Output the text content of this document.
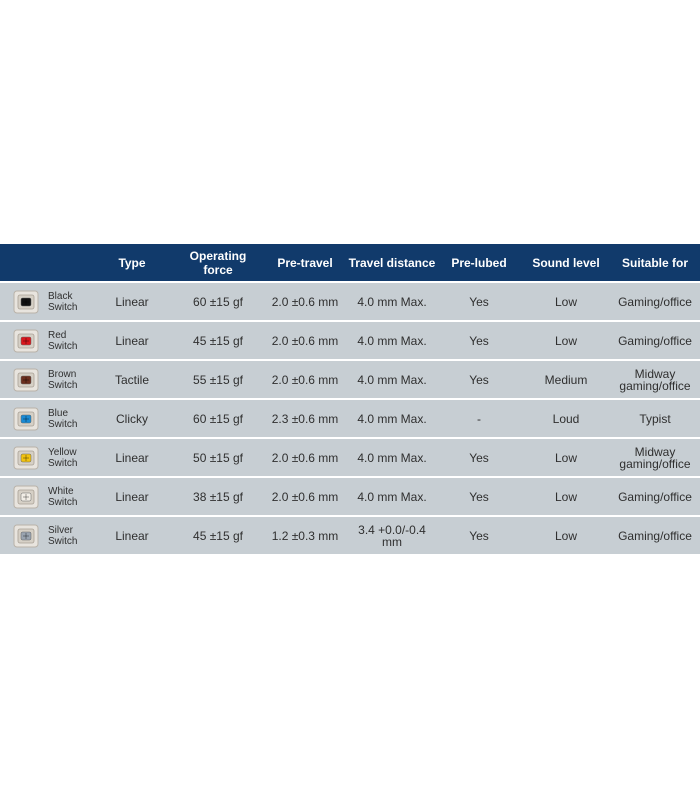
Type	Operating force	Pre-travel	Travel distance	Pre-lubed	Sound level	Suitable for
Black
Switch	Linear	60 ±15 gf	2.0 ±0.6 mm	4.0 mm Max.	Yes	Low	Gaming/office
Red
Switch	Linear	45 ±15 gf	2.0 ±0.6 mm	4.0 mm Max.	Yes	Low	Gaming/office
Brown
Switch	Tactile	55 ±15 gf	2.0 ±0.6 mm	4.0 mm Max.	Yes	Medium	Midway gaming/office
Blue
Switch	Clicky	60 ±15 gf	2.3 ±0.6 mm	4.0 mm Max.	-	Loud	Typist
Yellow
Switch	Linear	50 ±15 gf	2.0 ±0.6 mm	4.0 mm Max.	Yes	Low	Midway gaming/office
White
Switch	Linear	38 ±15 gf	2.0 ±0.6 mm	4.0 mm Max.	Yes	Low	Gaming/office
Silver
Switch	Linear	45 ±15 gf	1.2 ±0.3 mm	3.4 +0.0/-0.4 mm	Yes	Low	Gaming/office
